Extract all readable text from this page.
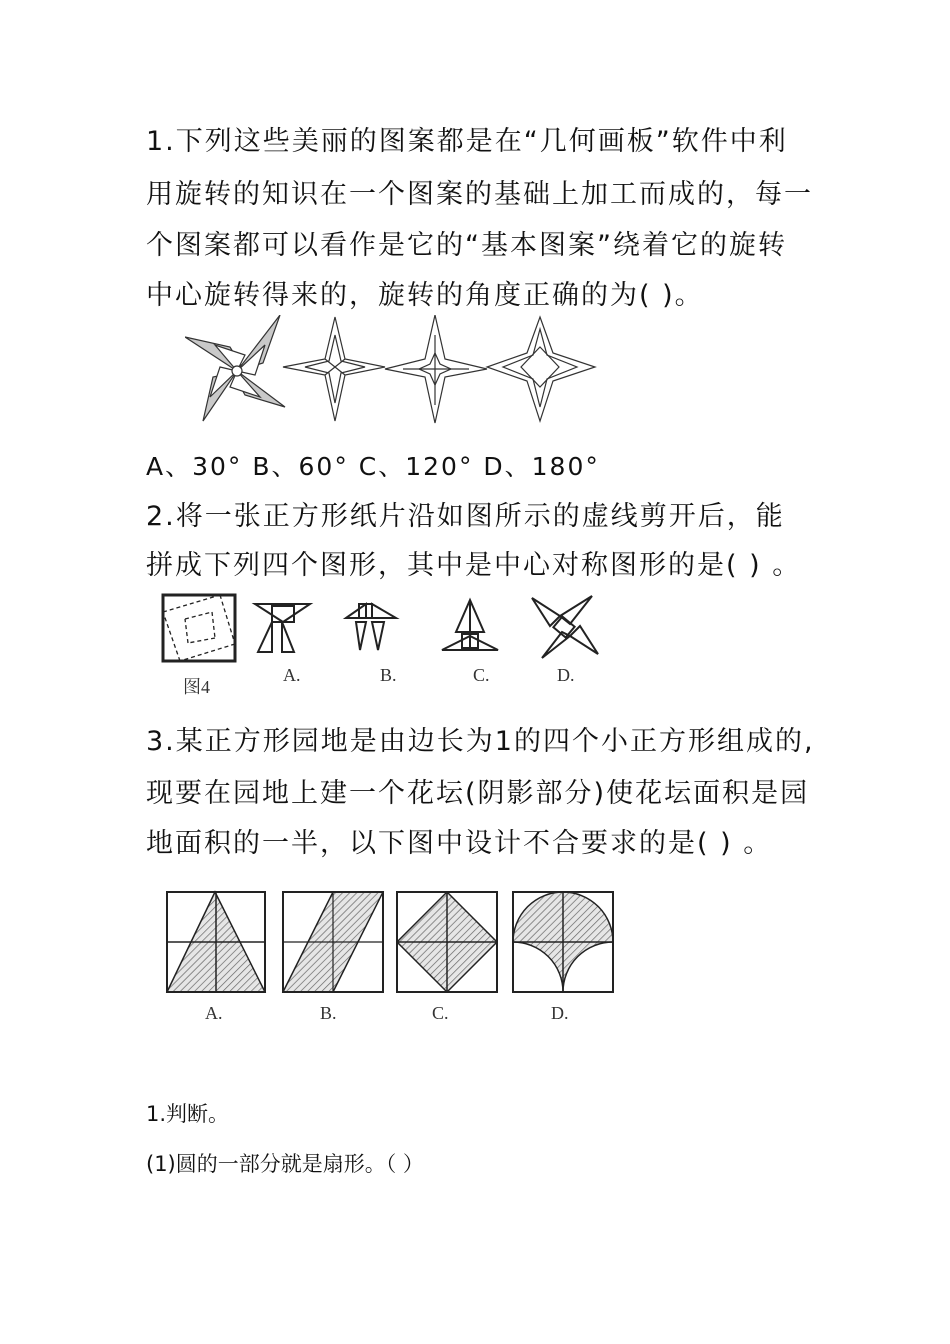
1.下列这些美丽的图案都是在“几何画板”软件中利
用旋转的知识在一个图案的基础上加工而成的，每一
个图案都可以看作是它的“基本图案”绕着它的旋转
中心旋转得来的，旋转的角度正确的为( )。
A、30° B、60° C、120° D、180°
2.将一张正方形纸片沿如图所示的虚线剪开后，能
拼成下列四个图形，其中是中心对称图形的是( ) 。
图4
A.	B.	C.	D.
3.某正方形园地是由边长为1的四个小正方形组成的,
现要在园地上建一个花坛(阴影部分)使花坛面积是园
地面积的一半，以下图中设计不合要求的是( ) 。
A.	B.	C.	D.
1.判断。
(1)圆的一部分就是扇形。（ ）
